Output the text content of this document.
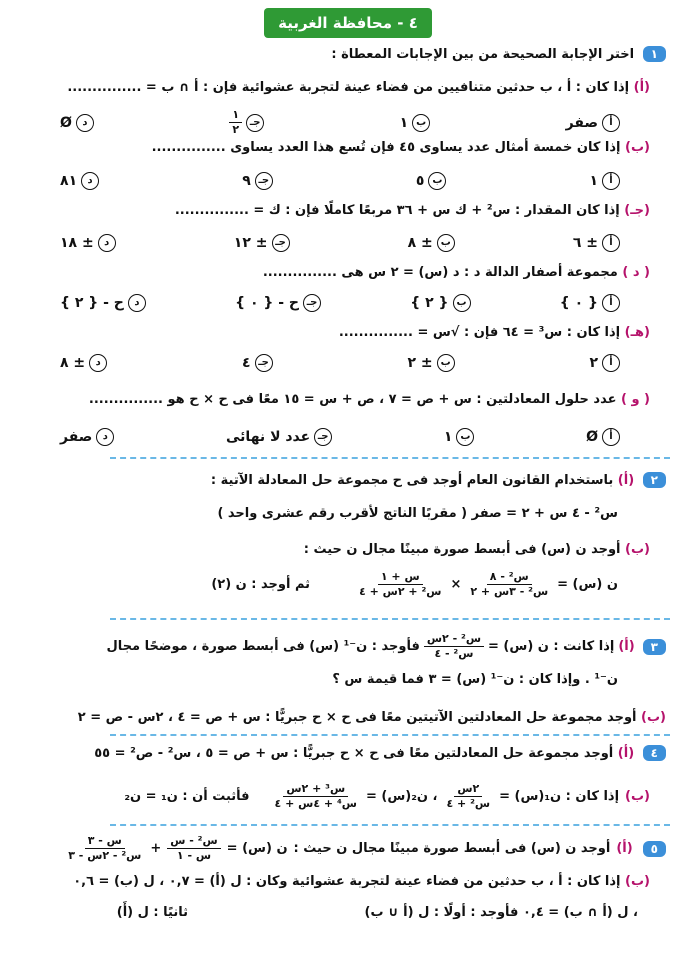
٤ - محافظة الغربية
١ اختر الإجابة الصحيحة من بين الإجابات المعطاة :
(أ) إذا كان : أ ، ب حدثين متنافيين من فضاء عينة لتجربة عشوائية فإن : أ ∩ ب = ...............
أ
صفر
ب
١
جـ
$\frac{١}{٢}$
د
Ø
(ب) إذا كان خمسة أمثال عدد يساوى ٤٥ فإن تُسع هذا العدد يساوى ...............
أ
١
ب
٥
جـ
٩
د
٨١
(جـ) إذا كان المقدار : س² + ك س + ٣٦ مربعًا كاملًا فإن : ك = ...............
أ
± ٦
ب
± ٨
جـ
± ١٢
د
± ١٨
( د ) مجموعة أصفار الدالة د : د (س) = ٢ س هى ...............
أ
{ ٠ }
ب
{ ٢ }
جـ
ح - { ٠ }
د
ح - { ٢ }
(هـ) إذا كان : س³ = ٦٤ فإن : √س = ...............
أ
٢
ب
± ٢
جـ
٤
د
± ٨
( و ) عدد حلول المعادلتين : س + ص = ٧ ، ص + س = ١٥ معًا فى ح × ح هو ...............
أ
Ø
ب
١
جـ
عدد لا نهائى
د
صفر
٢ (أ) باستخدام القانون العام أوجد فى ح مجموعة حل المعادلة الآتية :
س² - ٤ س + ٢ = صفر ( مقربًا الناتج لأقرب رقم عشرى واحد )
(ب) أوجد ن (س) فى أبسط صورة مبينًا مجال ن حيث :
ن (س) =
$\frac{\text{س² - ٨}}{\text{س² - ٣س + ٢}}$
×
$\frac{\text{س + ١}}{\text{س² + ٢س + ٤}}$
ثم أوجد : ن (٢)
٣
(أ)
إذا كانت : ن (س) =
$\frac{\text{س² - ٢س}}{\text{س² - ٤}}$
فأوجد : ن⁻¹ (س) فى أبسط صورة ، موضحًا مجال
ن⁻¹ . وإذا كان : ن⁻¹ (س) = ٣ فما قيمة س ؟
(ب) أوجد مجموعة حل المعادلتين الآتيتين معًا فى ح × ح جبريًّا : س + ص = ٤ ، ٢س - ص = ٢
٤ (أ) أوجد مجموعة حل المعادلتين معًا فى ح × ح جبريًّا : س + ص = ٥ ، س² - ص² = ٥٥
(ب)
إذا كان : ن₁(س) =
$\frac{\text{٢س}}{\text{س² + ٤}}$
، ن₂(س) =
$\frac{\text{س³ + ٢س}}{\text{س⁴ + ٤س + ٤}}$
فأثبت أن : ن₁ = ن₂
٥
(أ)
أوجد ن (س) فى أبسط صورة مبينًا مجال ن حيث :
ن (س) =
$\frac{\text{س² - س}}{\text{س - ١}}$
+
$\frac{\text{س - ٣}}{\text{س² - ٢س - ٣}}$
(ب) إذا كان : أ ، ب حدثين من فضاء عينة لتجربة عشوائية وكان : ل (أ) = ٠,٧ ، ل (ب) = ٠,٦
، ل (أ ∩ ب) = ٠,٤ فأوجد : أولًا : ل (أ ∪ ب)
ثانيًا : ل (أَ)
